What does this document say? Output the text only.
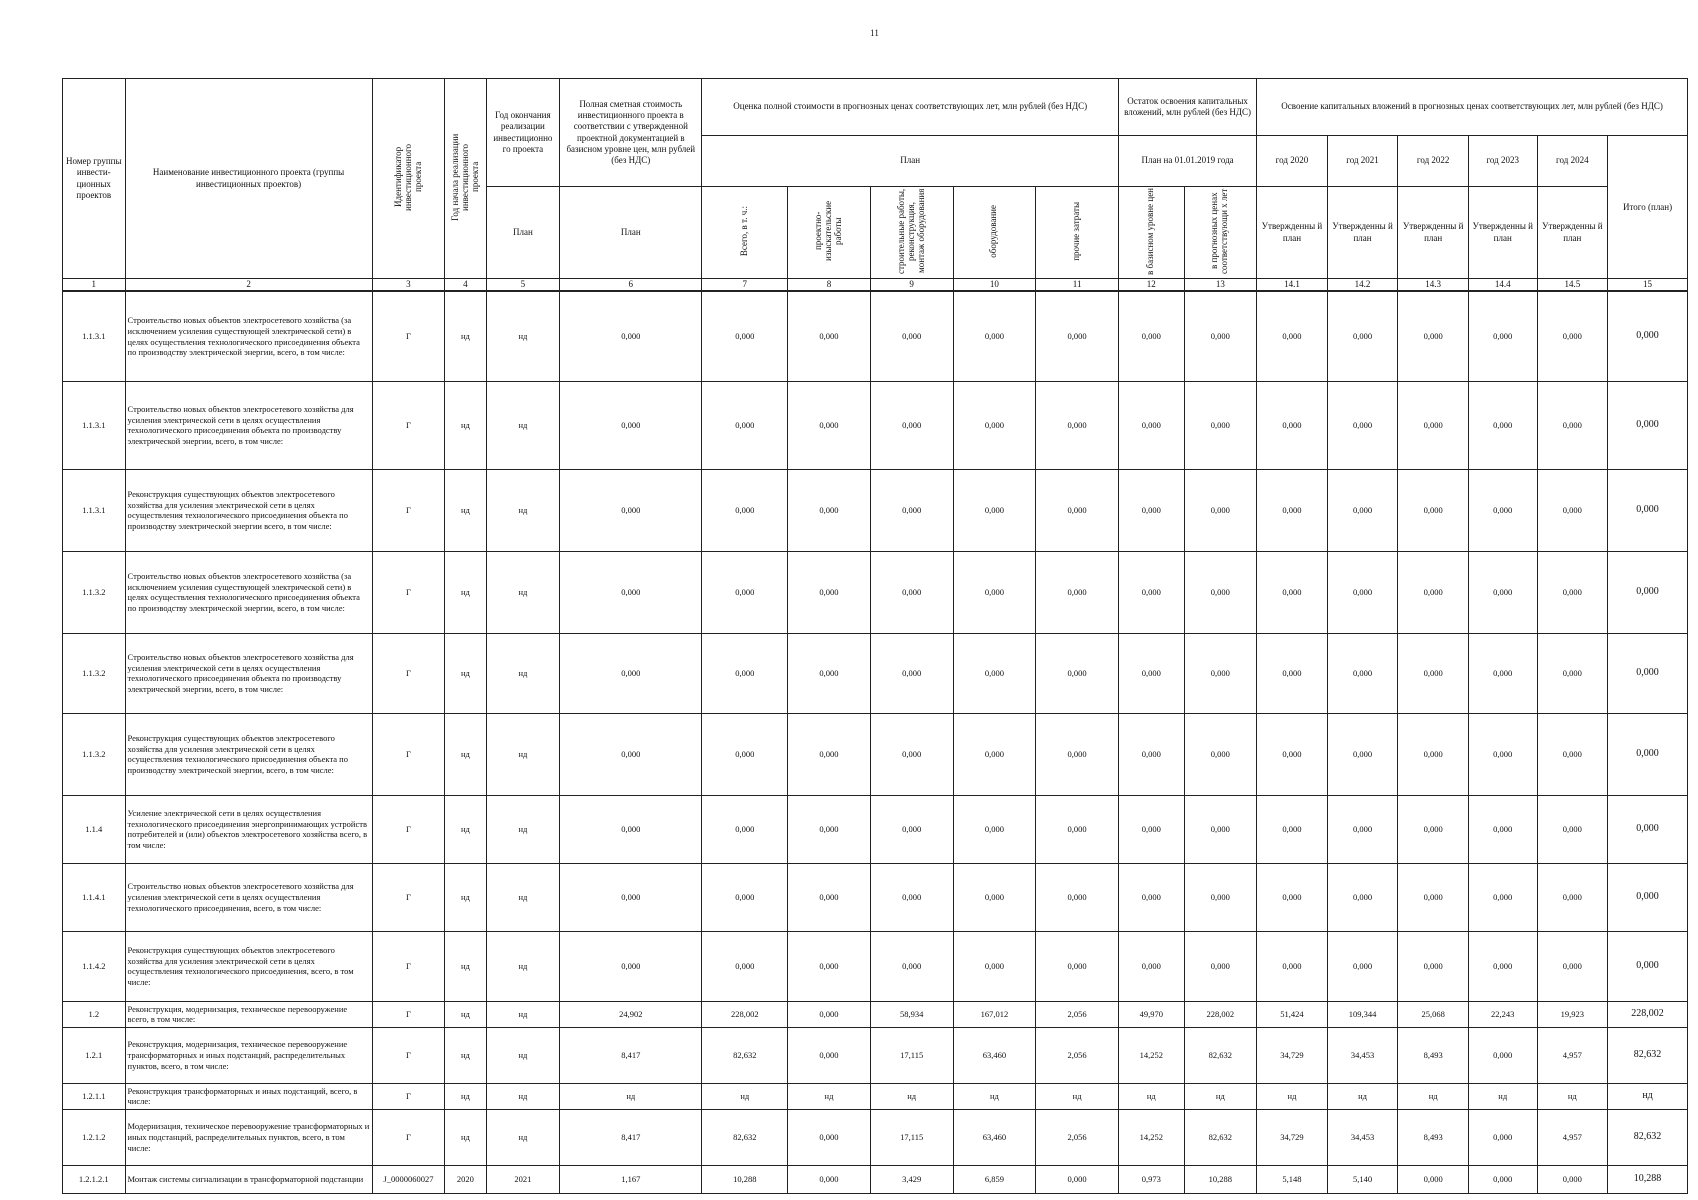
11
Номер группы инвести-ционных проектов	Наименование инвестиционного проекта (группы инвестиционных проектов)	Идентификатор инвестиционного проекта	Год начала реализации инвестиционного проекта	Год окончания реализации инвестиционно го проекта	Полная сметная стоимость инвестиционного проекта в соответствии с утвержденной проектной документацией в базисном уровне цен, млн рублей (без НДС)	Оценка полной стоимости в прогнозных ценах соответствующих лет, млн рублей (без НДС)					Остаток освоения капитальных вложений, млн рублей (без НДС)		Освоение капитальных вложений в прогнозных ценах соответствующих лет, млн рублей (без НДС)					
						План					План на 01.01.2019 года		год 2020	год 2021	год 2022	год 2023	год 2024	Итого (план)
				План	План	Всего, в т. ч.:	проектно-изыскательские работы	строительные работы, реконструкция, монтаж оборудования	оборудование	прочие затраты	в базисном уровне цен	в прогнозных ценах соответствующи х лет	Утвержденны й план	Утвержденны й план	Утвержденны й план	Утвержденны й план	Утвержденны й план	
1	2	3	4	5	6	7	8	9	10	11	12	13	14.1	14.2	14.3	14.4	14.5	15
1.1.3.1	Строительство новых объектов электросетевого хозяйства (за исключением усиления существующей электрической сети) в целях осуществления технологического присоединения объекта по производству электрической энергии, всего, в том числе:	Г	нд	нд	0,000	0,000	0,000	0,000	0,000	0,000	0,000	0,000	0,000	0,000	0,000	0,000	0,000	0,000
1.1.3.1	Строительство новых объектов электросетевого хозяйства для усиления электрической сети в целях осуществления технологического присоединения объекта по производству электрической энергии, всего, в том числе:	Г	нд	нд	0,000	0,000	0,000	0,000	0,000	0,000	0,000	0,000	0,000	0,000	0,000	0,000	0,000	0,000
1.1.3.1	Реконструкция существующих объектов электросетевого хозяйства для усиления электрической сети в целях осуществления технологического присоединения объекта по производству электрической энергии всего, в том числе:	Г	нд	нд	0,000	0,000	0,000	0,000	0,000	0,000	0,000	0,000	0,000	0,000	0,000	0,000	0,000	0,000
1.1.3.2	Строительство новых объектов электросетевого хозяйства (за исключением усиления существующей электрической сети) в целях осуществления технологического присоединения объекта по производству электрической энергии, всего, в том числе:	Г	нд	нд	0,000	0,000	0,000	0,000	0,000	0,000	0,000	0,000	0,000	0,000	0,000	0,000	0,000	0,000
1.1.3.2	Строительство новых объектов электросетевого хозяйства для усиления электрической сети в целях осуществления технологического присоединения объекта по производству электрической энергии, всего, в том числе:	Г	нд	нд	0,000	0,000	0,000	0,000	0,000	0,000	0,000	0,000	0,000	0,000	0,000	0,000	0,000	0,000
1.1.3.2	Реконструкция существующих объектов электросетевого хозяйства для усиления электрической сети в целях осуществления технологического присоединения объекта по производству электрической энергии, всего, в том числе:	Г	нд	нд	0,000	0,000	0,000	0,000	0,000	0,000	0,000	0,000	0,000	0,000	0,000	0,000	0,000	0,000
1.1.4	Усиление электрической сети в целях осуществления технологического присоединения энергопринимающих устройств потребителей и (или) объектов электросетевого хозяйства всего, в том числе:	Г	нд	нд	0,000	0,000	0,000	0,000	0,000	0,000	0,000	0,000	0,000	0,000	0,000	0,000	0,000	0,000
1.1.4.1	Строительство новых объектов электросетевого хозяйства для усиления электрической сети в целях осуществления технологического присоединения, всего, в том числе:	Г	нд	нд	0,000	0,000	0,000	0,000	0,000	0,000	0,000	0,000	0,000	0,000	0,000	0,000	0,000	0,000
1.1.4.2	Реконструкция существующих объектов электросетевого хозяйства для усиления электрической сети в целях осуществления технологического присоединения, всего, в том числе:	Г	нд	нд	0,000	0,000	0,000	0,000	0,000	0,000	0,000	0,000	0,000	0,000	0,000	0,000	0,000	0,000
1.2	Реконструкция, модернизация, техническое перевооружение всего, в том числе:	Г	нд	нд	24,902	228,002	0,000	58,934	167,012	2,056	49,970	228,002	51,424	109,344	25,068	22,243	19,923	228,002
1.2.1	Реконструкция, модернизация, техническое перевооружение трансформаторных и иных подстанций, распределительных пунктов, всего, в том числе:	Г	нд	нд	8,417	82,632	0,000	17,115	63,460	2,056	14,252	82,632	34,729	34,453	8,493	0,000	4,957	82,632
1.2.1.1	Реконструкция трансформаторных и иных подстанций, всего, в числе:	Г	нд	нд	нд	нд	нд	нд	нд	нд	нд	нд	нд	нд	нд	нд	нд	нд
1.2.1.2	Модернизация, техническое перевооружение трансформаторных и иных подстанций, распределительных пунктов, всего, в том числе:	Г	нд	нд	8,417	82,632	0,000	17,115	63,460	2,056	14,252	82,632	34,729	34,453	8,493	0,000	4,957	82,632
1.2.1.2.1	Монтаж системы сигнализации в трансформаторной подстанции	J_0000060027	2020	2021	1,167	10,288	0,000	3,429	6,859	0,000	0,973	10,288	5,148	5,140	0,000	0,000	0,000	10,288
